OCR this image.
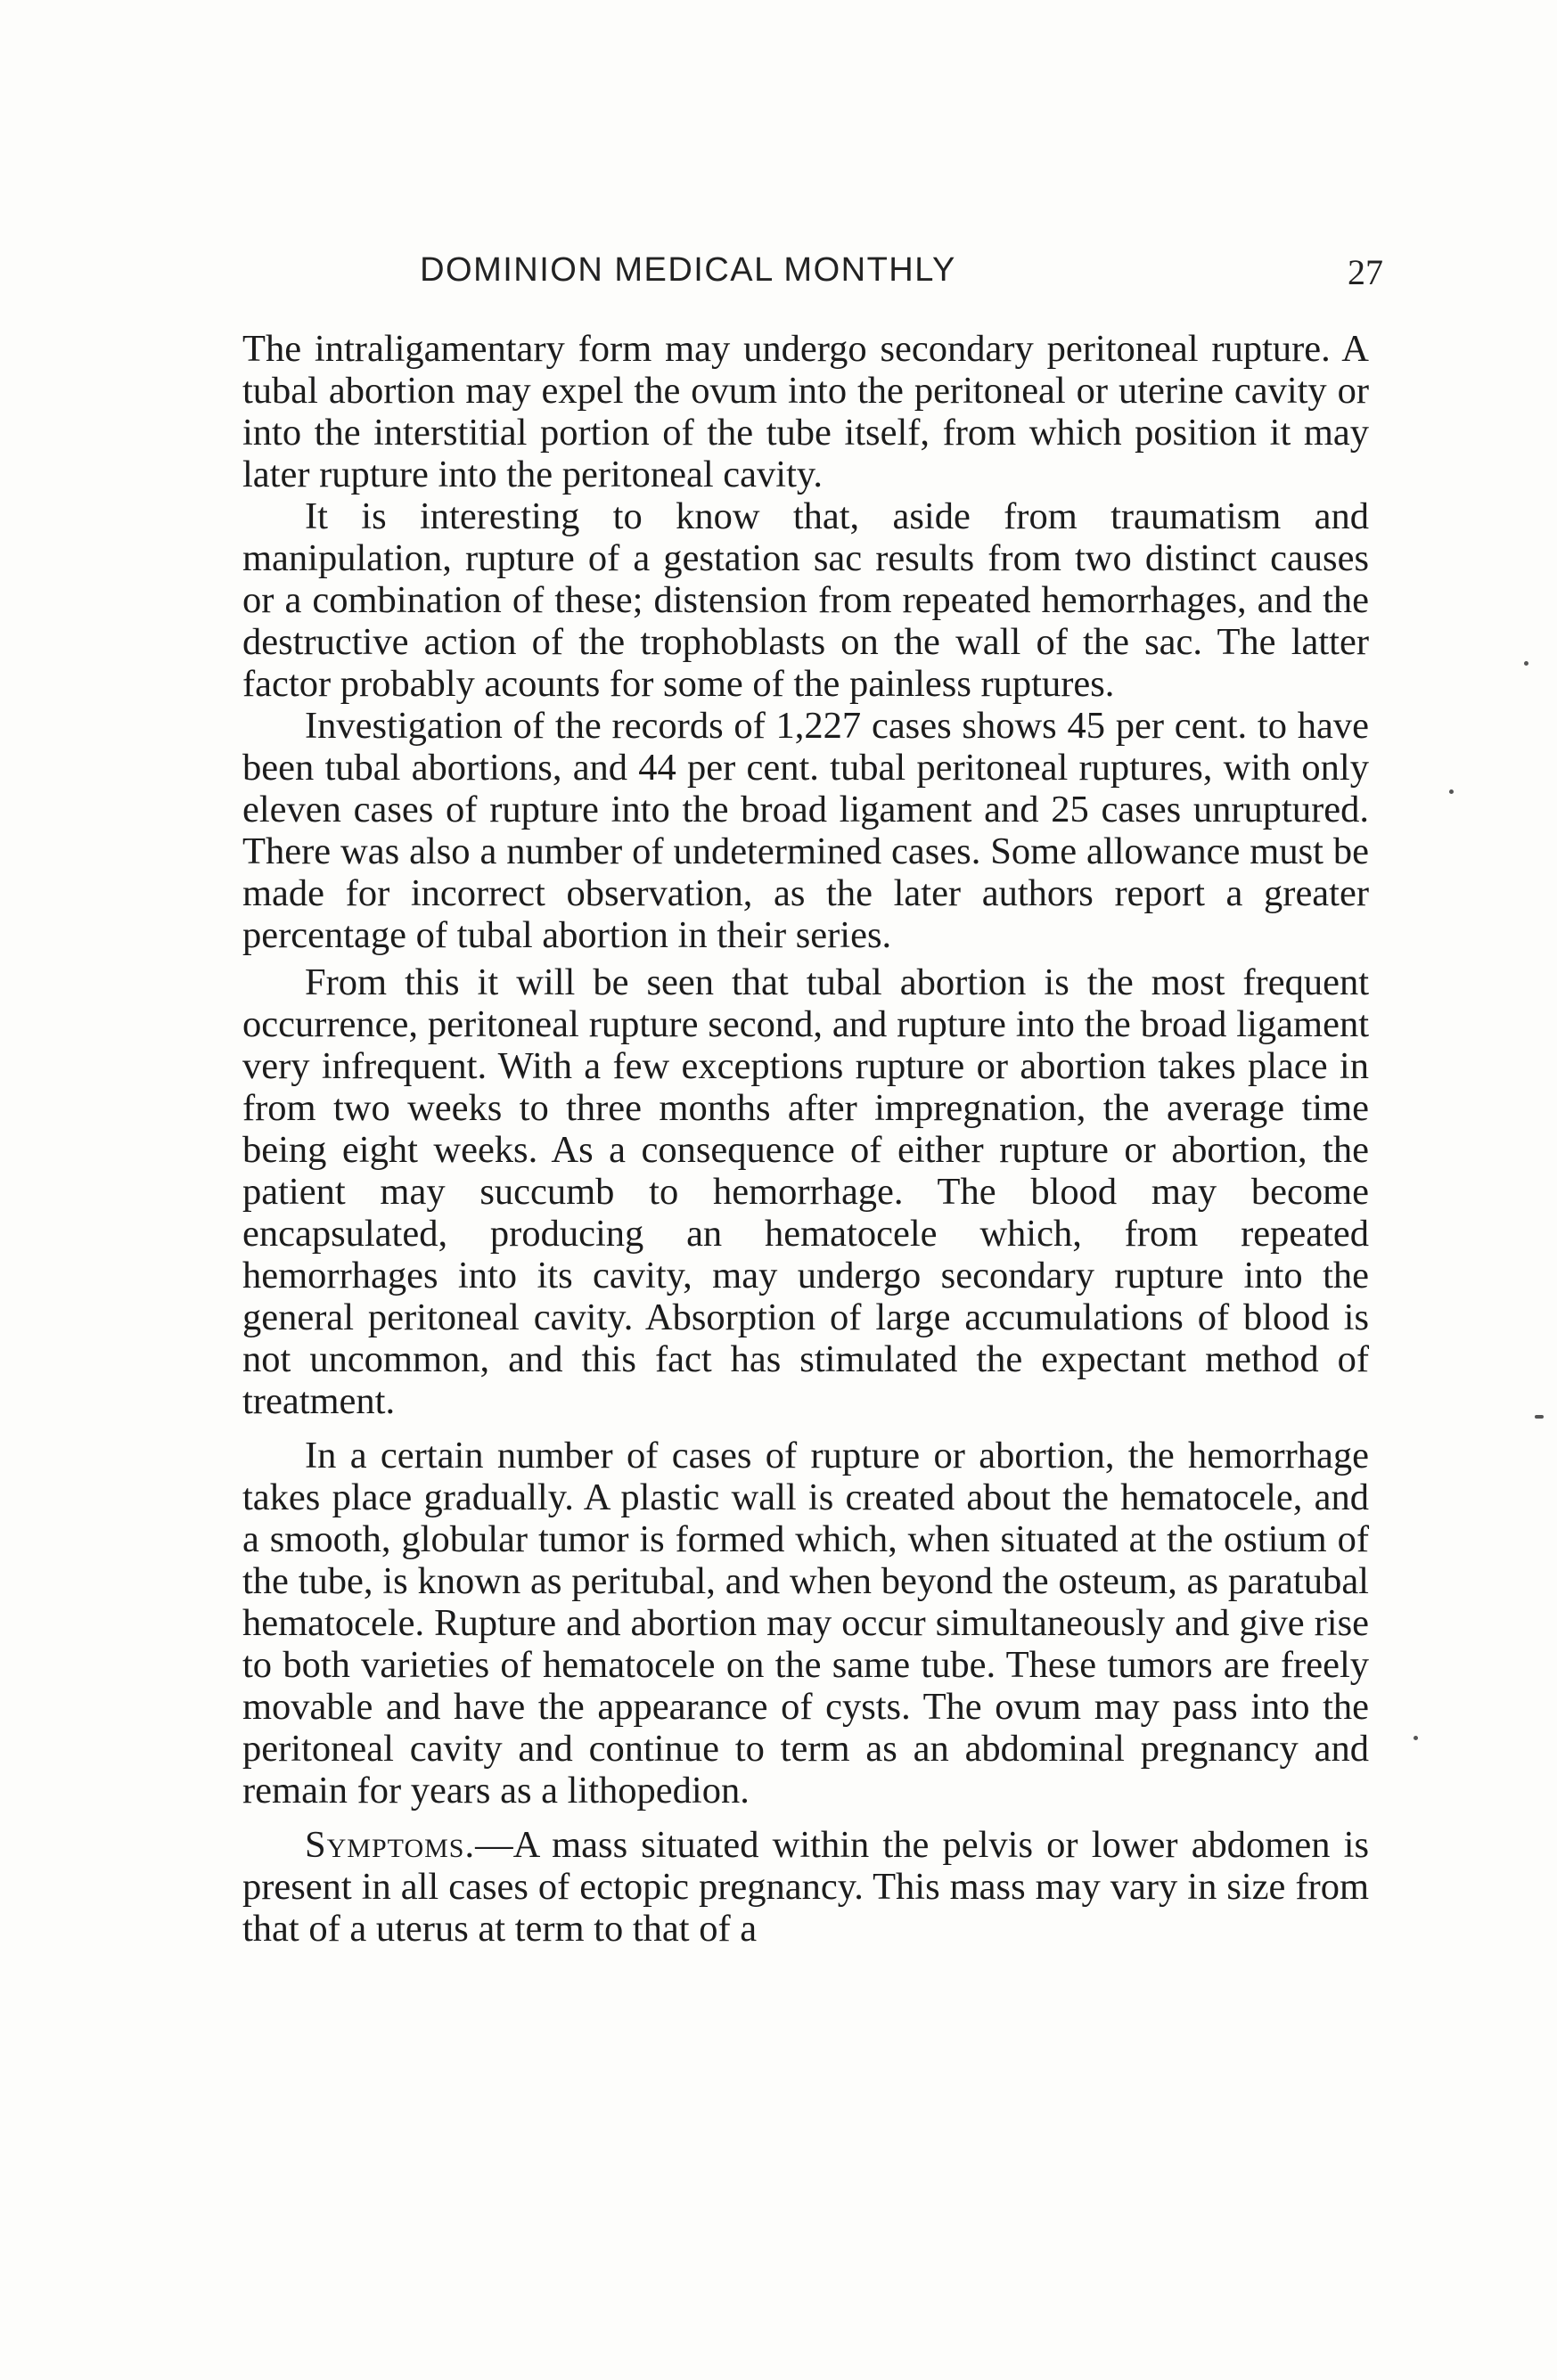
DOMINION MEDICAL MONTHLY	27

The intraligamentary form may undergo secondary peritoneal rupture. A tubal abortion may expel the ovum into the peritoneal or uterine cavity or into the interstitial portion of the tube itself, from which position it may later rupture into the peritoneal cavity.

It is interesting to know that, aside from traumatism and manipulation, rupture of a gestation sac results from two distinct causes or a combination of these; distension from repeated hemorrhages, and the destructive action of the trophoblasts on the wall of the sac. The latter factor probably acounts for some of the painless ruptures.

Investigation of the records of 1,227 cases shows 45 per cent. to have been tubal abortions, and 44 per cent. tubal peritoneal ruptures, with only eleven cases of rupture into the broad ligament and 25 cases unruptured. There was also a number of undetermined cases. Some allowance must be made for incorrect observation, as the later authors report a greater percentage of tubal abortion in their series.

From this it will be seen that tubal abortion is the most frequent occurrence, peritoneal rupture second, and rupture into the broad ligament very infrequent. With a few exceptions rupture or abortion takes place in from two weeks to three months after impregnation, the average time being eight weeks. As a consequence of either rupture or abortion, the patient may succumb to hemorrhage. The blood may become encapsulated, producing an hematocele which, from repeated hemorrhages into its cavity, may undergo secondary rupture into the general peritoneal cavity. Absorption of large accumulations of blood is not uncommon, and this fact has stimulated the expectant method of treatment.

In a certain number of cases of rupture or abortion, the hemorrhage takes place gradually. A plastic wall is created about the hematocele, and a smooth, globular tumor is formed which, when situated at the ostium of the tube, is known as peritubal, and when beyond the osteum, as paratubal hematocele. Rupture and abortion may occur simultaneously and give rise to both varieties of hematocele on the same tube. These tumors are freely movable and have the appearance of cysts. The ovum may pass into the peritoneal cavity and continue to term as an abdominal pregnancy and remain for years as a lithopedion.

Symptoms.—A mass situated within the pelvis or lower abdomen is present in all cases of ectopic pregnancy. This mass may vary in size from that of a uterus at term to that of a
